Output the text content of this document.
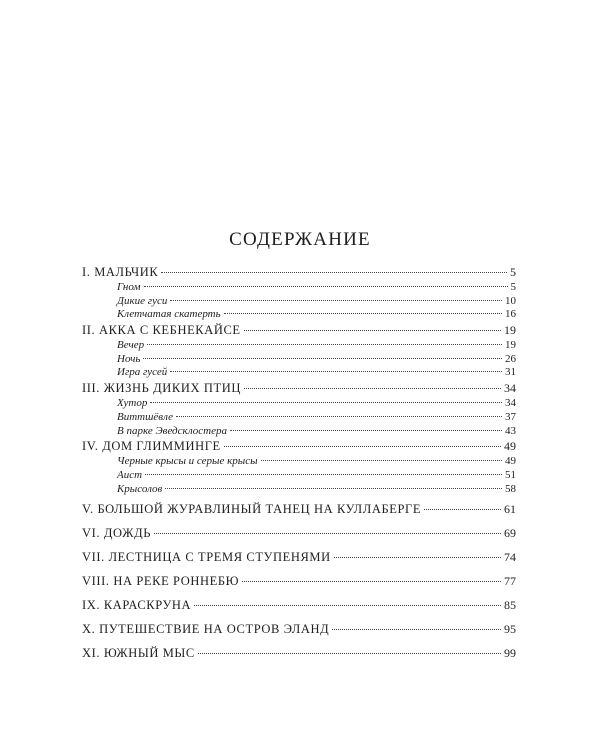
СОДЕРЖАНИЕ
I. МАЛЬЧИК	5
Гном	5
Дикие гуси	10
Клетчатая скатерть	16
II. АККА С КЕБНЕКАЙСЕ	19
Вечер	19
Ночь	26
Игра гусей	31
III. ЖИЗНЬ ДИКИХ ПТИЦ	34
Хутор	34
Виттшёвле	37
В парке Эведсклостера	43
IV. ДОМ ГЛИММИНГЕ	49
Черные крысы и серые крысы	49
Аист	51
Крысолов	58
V. БОЛЬШОЙ ЖУРАВЛИНЫЙ ТАНЕЦ НА КУЛЛАБЕРГЕ	61
VI. ДОЖДЬ	69
VII. ЛЕСТНИЦА С ТРЕМЯ СТУПЕНЯМИ	74
VIII. НА РЕКЕ РОННЕБЮ	77
IX. КАРАСКРУНА	85
X. ПУТЕШЕСТВИЕ НА ОСТРОВ ЭЛАНД	95
XI. ЮЖНЫЙ МЫС	99
